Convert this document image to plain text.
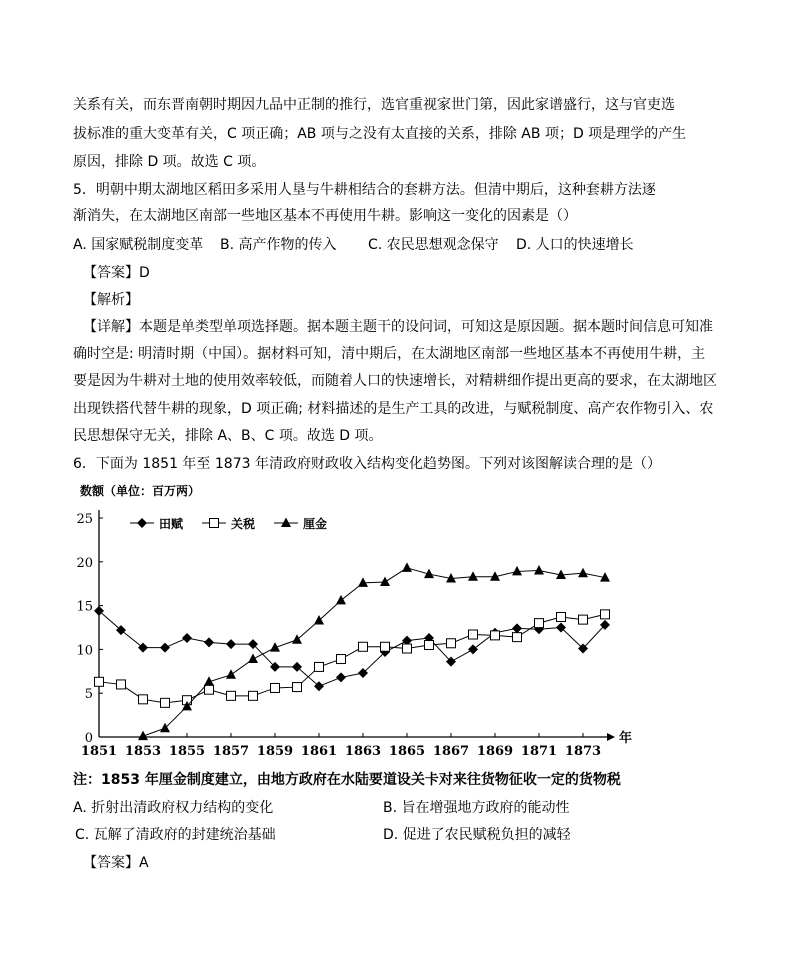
关系有关，而东晋南朝时期因九品中正制的推行，选官重视家世门第，因此家谱盛行，这与官吏选
拔标准的重大变革有关，C 项正确；AB 项与之没有太直接的关系，排除 AB 项；D 项是理学的产生
原因，排除 D 项。故选 C 项。
5．明朝中期太湖地区稻田多采用人垦与牛耕相结合的套耕方法。但清中期后，这种套耕方法逐
渐消失，在太湖地区南部一些地区基本不再使用牛耕。影响这一变化的因素是（）
A. 国家赋税制度变革 B. 高产作物的传入 C. 农民思想观念保守 D. 人口的快速增长
【答案】D
【解析】
【详解】本题是单类型单项选择题。据本题主题干的设问词，可知这是原因题。据本题时间信息可知准
确时空是: 明清时期（中国）。据材料可知，清中期后，在太湖地区南部一些地区基本不再使用牛耕，主
要是因为牛耕对土地的使用效率较低，而随着人口的快速增长，对精耕细作提出更高的要求，在太湖地区
出现铁搭代替牛耕的现象，D 项正确; 材料描述的是生产工具的改进，与赋税制度、高产农作物引入、农
民思想保守无关，排除 A、B、C 项。故选 D 项。
6．下面为 1851 年至 1873 年清政府财政收入结构变化趋势图。下列对该图解读合理的是（）
数额（单位：百万两）
年
0
5
10
15
20
25
1851 1853 1855 1857 1859 1861 1863 1865 1867 1869 1871 1873
田赋	关税	厘金
注：1853 年厘金制度建立，由地方政府在水陆要道设关卡对来往货物征收一定的货物税
A. 折射出清政府权力结构的变化	B. 旨在增强地方政府的能动性
C. 瓦解了清政府的封建统治基础	D. 促进了农民赋税负担的减轻
【答案】A
